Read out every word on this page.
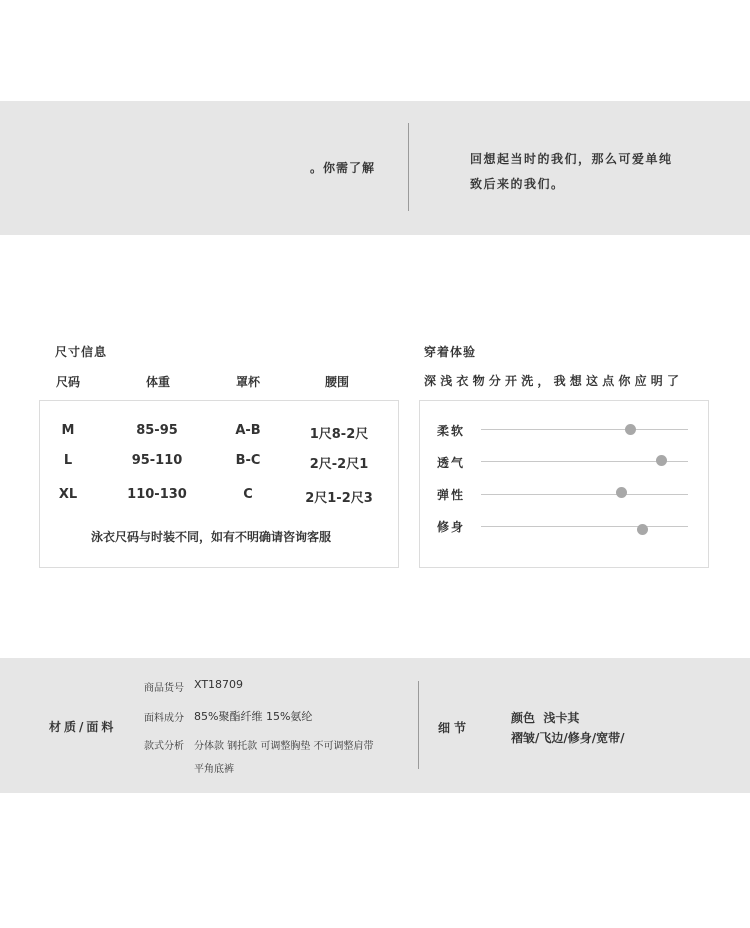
。你需了解
回想起当时的我们，那么可爱单纯
致后来的我们。
尺寸信息
尺码	体重	罩杯	腰围
M	85-95	A-B	1尺8-2尺
L	95-110	B-C	2尺-2尺1
XL	110-130	C	2尺1-2尺3
泳衣尺码与时装不同，如有不明确请咨询客服
穿着体验
深浅衣物分开洗，我想这点你应明了
柔软
透气
弹性
修身
材质/面料
商品货号 XT18709
面料成分 85%聚酯纤维 15%氨纶
款式分析 分体款 钢托款 可调整胸垫 不可调整肩带
平角底裤
细节
颜色  浅卡其
褶皱/飞边/修身/宽带/
